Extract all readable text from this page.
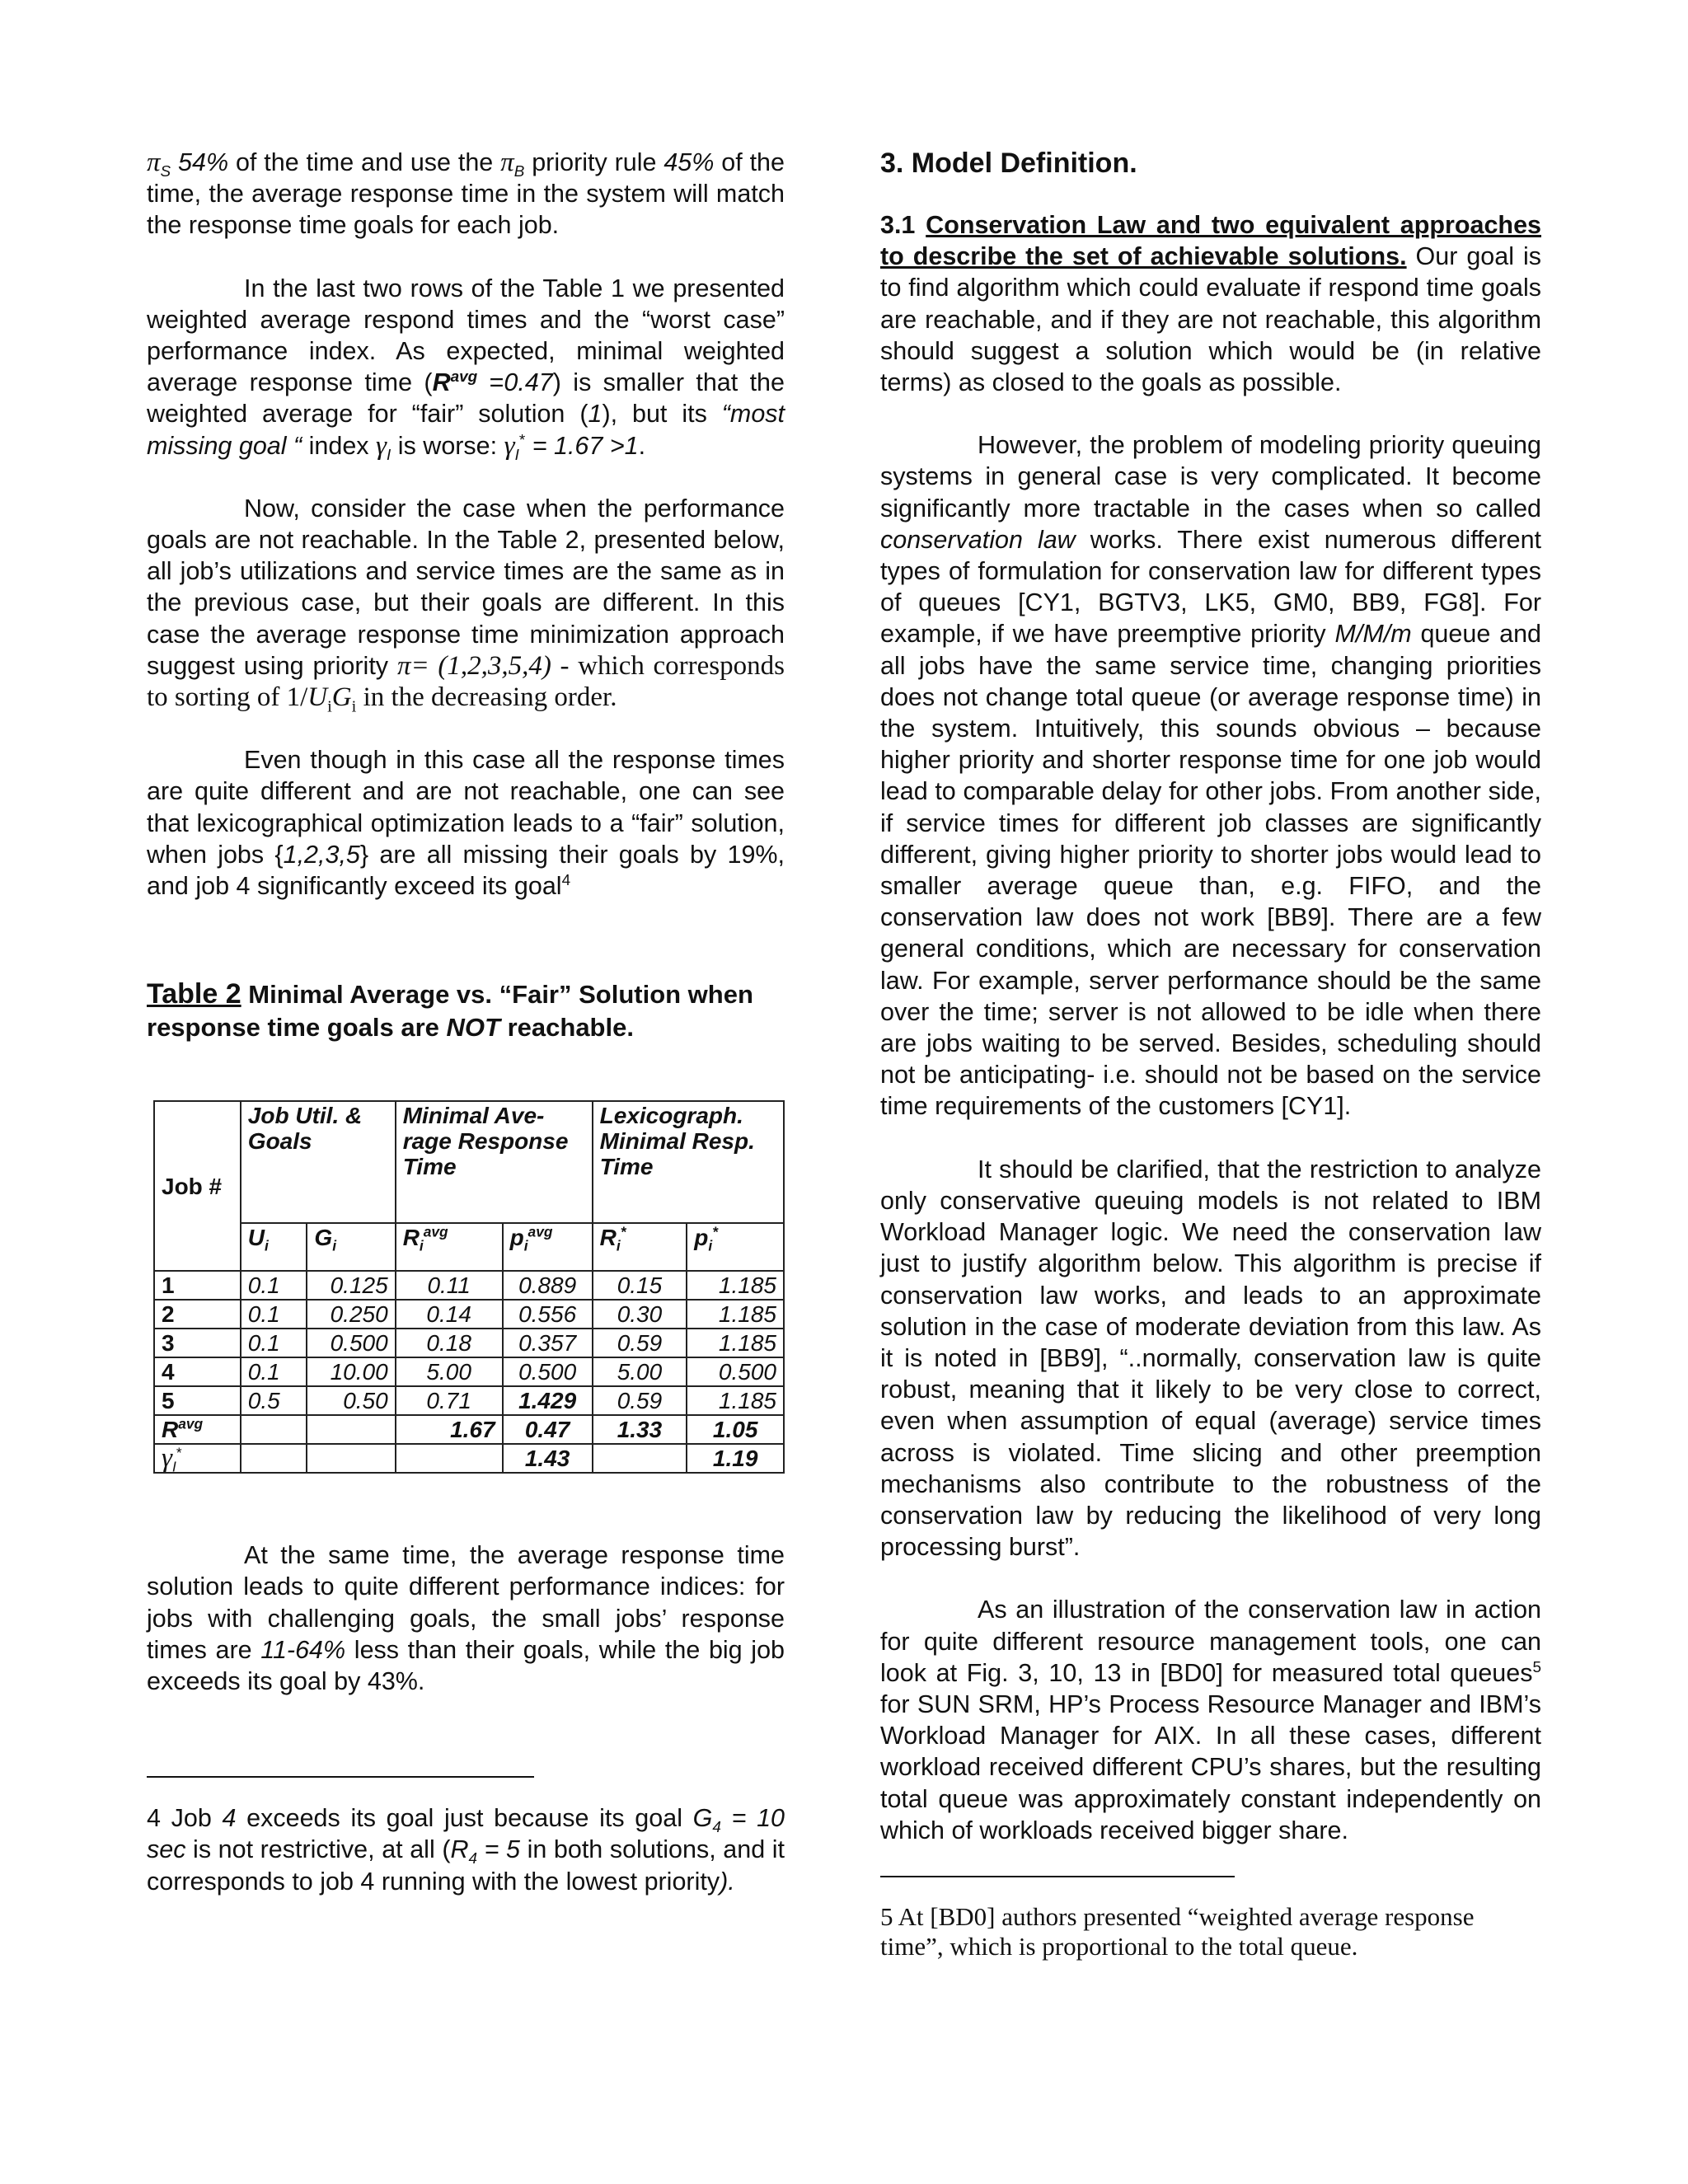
$\pi_S$ 54% of the time and use the $\pi_B$ priority rule 45% of the time, the average response time in the system will match the response time goals for each job.

In the last two rows of the Table 1 we presented weighted average respond times and the “worst case” performance index. As expected, minimal weighted average response time $(R^{avg} =0.47)$ is smaller that the weighted average for “fair” solution (1), but its “most missing goal “ index $\gamma_I$ is worse: $\gamma_I^* = 1.67 >1$.

Now, consider the case when the performance goals are not reachable. In the Table 2, presented below, all job’s utilizations and service times are the same as in the previous case, but their goals are different. In this case the average response time minimization approach suggest using priority π= (1,2,3,5,4) - which corresponds to sorting of $1/U_iG_i$ in the decreasing order.

Even though in this case all the response times are quite different and are not reachable, one can see that lexicographical optimization leads to a “fair” solution, when jobs {1,2,3,5} are all missing their goals by 19%, and job 4 significantly exceed its goal$^4$

Table 2 Minimal Average vs. “Fair” Solution when response time goals are NOT reachable.

Job #	Job Util. & Goals		Minimal Ave-rage Response Time		Lexicograph. Minimal Resp. Time	
	$U_i$	$G_i$	$R_i^{avg}$	$p_i^{avg}$	$R_i^*$	$p_i^*$
1	0.1	0.125	0.11	0.889	0.15	1.185
2	0.1	0.250	0.14	0.556	0.30	1.185
3	0.1	0.500	0.18	0.357	0.59	1.185
4	0.1	10.00	5.00	0.500	5.00	0.500
5	0.5	0.50	0.71	1.429	0.59	1.185
$R^{avg}$			1.67	0.47	1.33	1.05
$\gamma_I^*$				1.43		1.19

At the same time, the average response time solution leads to quite different performance indices: for jobs with challenging goals, the small jobs’ response times are 11-64% less than their goals, while the big job exceeds its goal by 43%.

4 Job 4 exceeds its goal just because its goal $G_4 = 10$ sec is not restrictive, at all ($R_4 = 5$ in both solutions, and it corresponds to job 4 running with the lowest priority).

3. Model Definition.

3.1 Conservation Law and two equivalent approaches to describe the set of achievable solutions. Our goal is to find algorithm which could evaluate if respond time goals are reachable, and if they are not reachable, this algorithm should suggest a solution which would be (in relative terms) as closed to the goals as possible.

However, the problem of modeling priority queuing systems in general case is very complicated. It become significantly more tractable in the cases when so called conservation law works. There exist numerous different types of formulation for conservation law for different types of queues [CY1, BGTV3, LK5, GM0, BB9, FG8]. For example, if we have preemptive priority M/M/m queue and all jobs have the same service time, changing priorities does not change total queue (or average response time) in the system. Intuitively, this sounds obvious – because higher priority and shorter response time for one job would lead to comparable delay for other jobs. From another side, if service times for different job classes are significantly different, giving higher priority to shorter jobs would lead to smaller average queue than, e.g. FIFO, and the conservation law does not work [BB9]. There are a few general conditions, which are necessary for conservation law. For example, server performance should be the same over the time; server is not allowed to be idle when there are jobs waiting to be served. Besides, scheduling should not be anticipating- i.e. should not be based on the service time requirements of the customers [CY1].

It should be clarified, that the restriction to analyze only conservative queuing models is not related to IBM Workload Manager logic. We need the conservation law just to justify algorithm below. This algorithm is precise if conservation law works, and leads to an approximate solution in the case of moderate deviation from this law. As it is noted in [BB9], “..normally, conservation law is quite robust, meaning that it likely to be very close to correct, even when assumption of equal (average) service times across is violated. Time slicing and other preemption mechanisms also contribute to the robustness of the conservation law by reducing the likelihood of very long processing burst”.

As an illustration of the conservation law in action for quite different resource management tools, one can look at Fig. 3, 10, 13 in [BD0] for measured total queues$^5$ for SUN SRM, HP’s Process Resource Manager and IBM’s Workload Manager for AIX. In all these cases, different workload received different CPU’s shares, but the resulting total queue was approximately constant independently on which of workloads received bigger share.

5 At [BD0] authors presented “weighted average response time”, which is proportional to the total queue.
